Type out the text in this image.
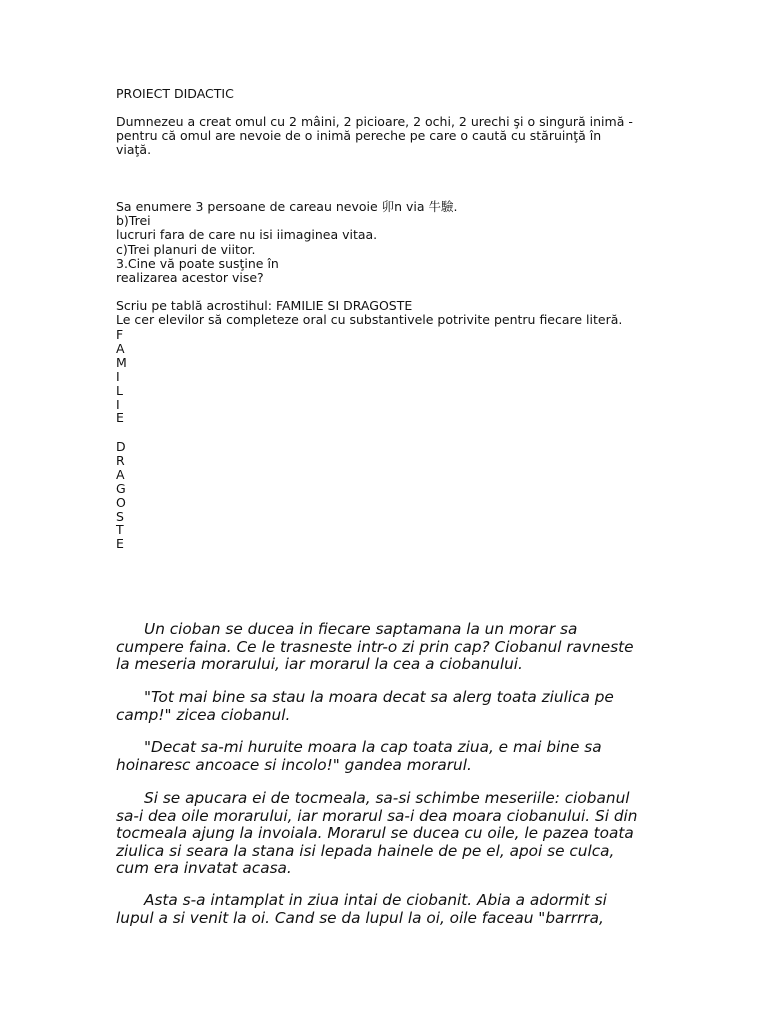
PROIECT DIDACTIC
Dumnezeu a creat omul cu 2 mâini, 2 picioare, 2 ochi, 2 urechi şi o singură inimă -
pentru că omul are nevoie de o inimă pereche pe care o caută cu stăruinţă în
viaţă.
Sa enumere 3 persoane de careau nevoie 卯n via 牛驗.
b)Trei
lucruri fara de care nu isi iimaginea vitaa.
c)Trei planuri de viitor.
3.Cine vă poate susţine în
realizarea acestor vise?
Scriu pe tablă acrostihul: FAMILIE SI DRAGOSTE
Le cer elevilor să completeze oral cu substantivele potrivite pentru fiecare literă.
F
A
M
I
L
I
E
D
R
A
G
O
S
T
E
Un cioban se ducea in fiecare saptamana la un morar sa
cumpere faina. Ce le trasneste intr-o zi prin cap? Ciobanul ravneste
la meseria morarului, iar morarul la cea a ciobanului.
"Tot mai bine sa stau la moara decat sa alerg toata ziulica pe
camp!" zicea ciobanul.
"Decat sa-mi huruite moara la cap toata ziua, e mai bine sa
hoinaresc ancoace si incolo!" gandea morarul.
Si se apucara ei de tocmeala, sa-si schimbe meseriile: ciobanul
sa-i dea oile morarului, iar morarul sa-i dea moara ciobanului. Si din
tocmeala ajung la invoiala. Morarul se ducea cu oile, le pazea toata
ziulica si seara la stana isi lepada hainele de pe el, apoi se culca,
cum era invatat acasa.
Asta s-a intamplat in ziua intai de ciobanit. Abia a adormit si
lupul a si venit la oi. Cand se da lupul la oi, oile faceau "barrrra,
